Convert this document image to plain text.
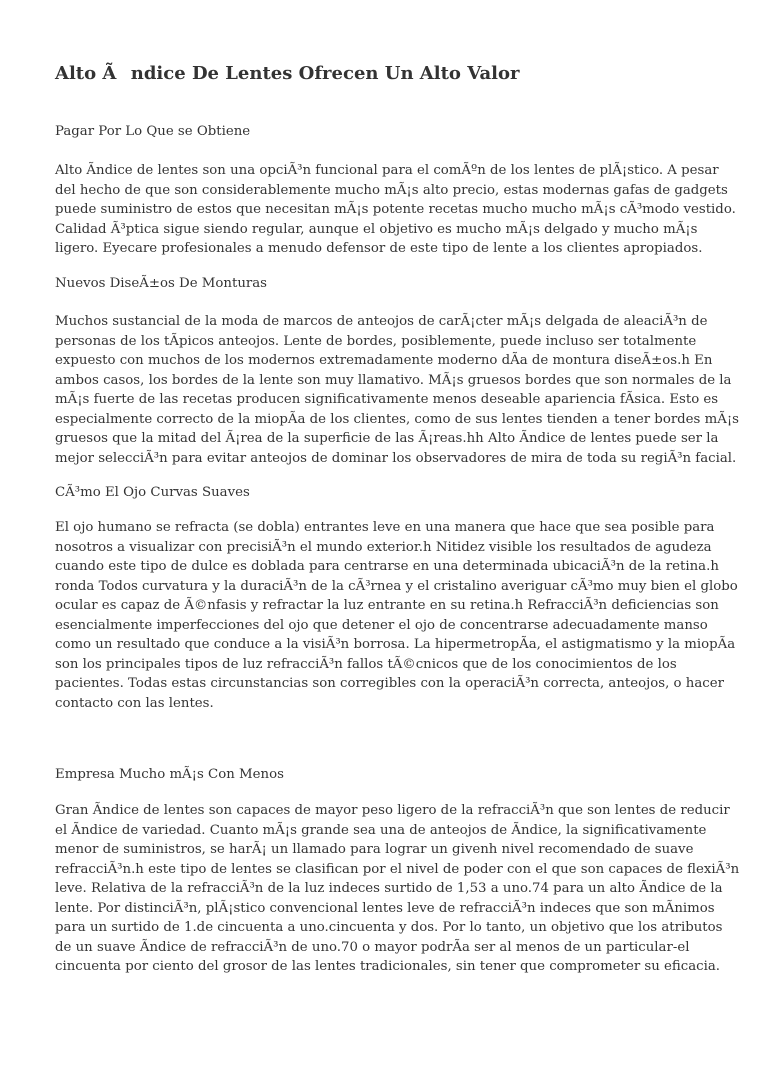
Alto Ãndice De Lentes Ofrecen Un Alto Valor

Pagar Por Lo Que se Obtiene

Alto Ãndice de lentes son una opciÃ³n funcional para el comÃºn de los lentes de plÃ¡stico. A pesar
del hecho de que son considerablemente mucho mÃ¡s alto precio, estas modernas gafas de gadgets
puede suministro de estos que necesitan mÃ¡s potente recetas mucho mucho mÃ¡s cÃ³modo vestido.
Calidad Ã³ptica sigue siendo regular, aunque el objetivo es mucho mÃ¡s delgado y mucho mÃ¡s
ligero. Eyecare profesionales a menudo defensor de este tipo de lente a los clientes apropiados.

Nuevos DiseÃ±os De Monturas

Muchos sustancial de la moda de marcos de anteojos de carÃ¡cter mÃ¡s delgada de aleaciÃ³n de
personas de los tÃpicos anteojos. Lente de bordes, posiblemente, puede incluso ser totalmente
expuesto con muchos de los modernos extremadamente moderno dÃa de montura diseÃ±os.h En
ambos casos, los bordes de la lente son muy llamativo. MÃ¡s gruesos bordes que son normales de la
mÃ¡s fuerte de las recetas producen significativamente menos deseable apariencia fÃsica. Esto es
especialmente correcto de la miopÃa de los clientes, como de sus lentes tienden a tener bordes mÃ¡s
gruesos que la mitad del Ã¡rea de la superficie de las Ã¡reas.hh Alto Ãndice de lentes puede ser la
mejor selecciÃ³n para evitar anteojos de dominar los observadores de mira de toda su regiÃ³n facial.

CÃ³mo El Ojo Curvas Suaves

El ojo humano se refracta (se dobla) entrantes leve en una manera que hace que sea posible para
nosotros a visualizar con precisiÃ³n el mundo exterior.h Nitidez visible los resultados de agudeza
cuando este tipo de dulce es doblada para centrarse en una determinada ubicaciÃ³n de la retina.h
ronda Todos curvatura y la duraciÃ³n de la cÃ³rnea y el cristalino averiguar cÃ³mo muy bien el globo
ocular es capaz de Ã©nfasis y refractar la luz entrante en su retina.h RefracciÃ³n deficiencias son
esencialmente imperfecciones del ojo que detener el ojo de concentrarse adecuadamente manso
como un resultado que conduce a la visiÃ³n borrosa. La hipermetropÃa, el astigmatismo y la miopÃa
son los principales tipos de luz refracciÃ³n fallos tÃ©cnicos que de los conocimientos de los
pacientes. Todas estas circunstancias son corregibles con la operaciÃ³n correcta, anteojos, o hacer
contacto con las lentes.

Empresa Mucho mÃ¡s Con Menos

Gran Ãndice de lentes son capaces de mayor peso ligero de la refracciÃ³n que son lentes de reducir
el Ãndice de variedad. Cuanto mÃ¡s grande sea una de anteojos de Ãndice, la significativamente
menor de suministros, se harÃ¡ un llamado para lograr un givenh nivel recomendado de suave
refracciÃ³n.h este tipo de lentes se clasifican por el nivel de poder con el que son capaces de flexiÃ³n
leve. Relativa de la refracciÃ³n de la luz indeces surtido de 1,53 a uno.74 para un alto Ãndice de la
lente. Por distinciÃ³n, plÃ¡stico convencional lentes leve de refracciÃ³n indeces que son mÃnimos
para un surtido de 1.de cincuenta a uno.cincuenta y dos. Por lo tanto, un objetivo que los atributos
de un suave Ãndice de refracciÃ³n de uno.70 o mayor podrÃa ser al menos de un particular-el
cincuenta por ciento del grosor de las lentes tradicionales, sin tener que comprometer su eficacia.
